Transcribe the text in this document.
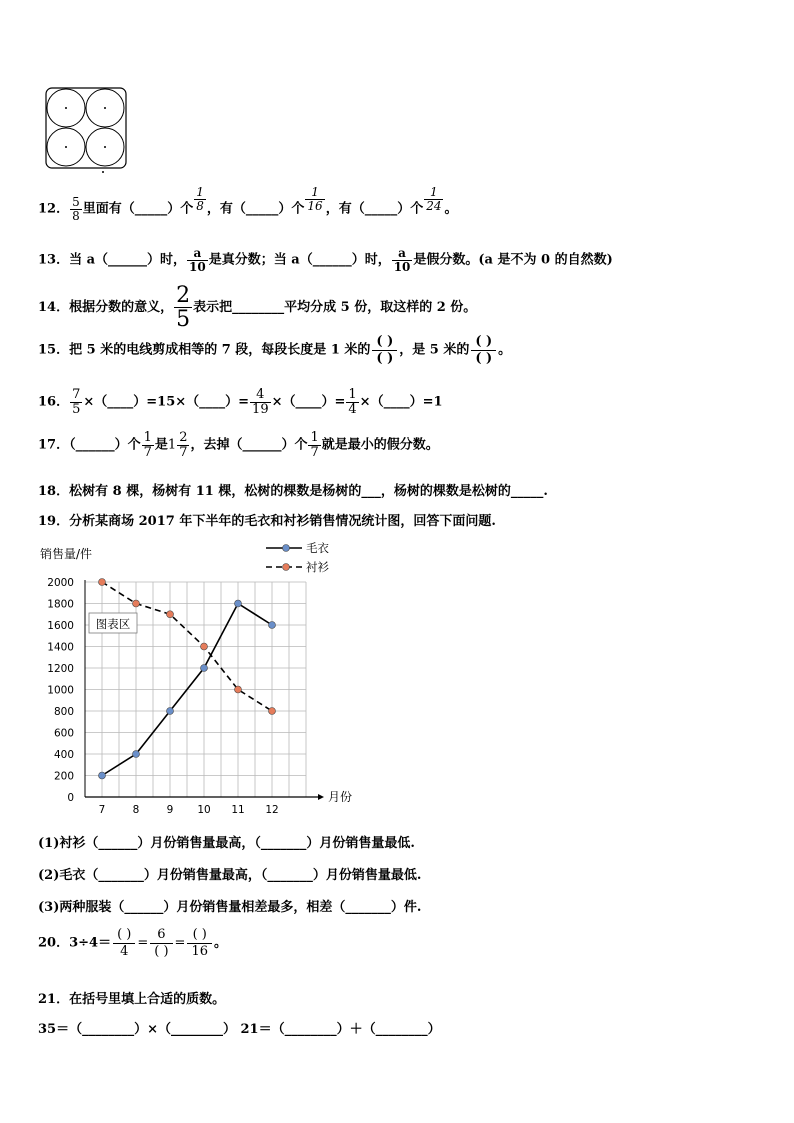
12． $\frac{5}{8}$ 里面有（_____）个 $\frac{1}{8}$ ，有（_____）个 $\frac{1}{16}$ ，有（_____）个 $\frac{1}{24}$ 。
13．当 a（______）时， $\frac{a}{10}$ 是真分数；当 a（______）时， $\frac{a}{10}$ 是假分数。(a 是不为 0 的自然数)
14．根据分数的意义， $\frac{2}{5}$ 表示把________平均分成 5 份，取这样的 2 份。
15．把 5 米的电线剪成相等的 7 段，每段长度是 1 米的 $\frac{( )}{( )}$ ，是 5 米的 $\frac{( )}{( )}$ 。
16． $\frac{7}{5}$ ×（____）=15×（____）= $\frac{4}{19}$ ×（____）= $\frac{1}{4}$ ×（____）=1
17．（______）个 $\frac{1}{7}$ 是$1 \frac{2}{7}$ ，去掉（______）个 $\frac{1}{7}$ 就是最小的假分数。
18．松树有 8 棵，杨树有 11 棵，松树的棵数是杨树的___，杨树的棵数是松树的_____.
19．分析某商场 2017 年下半年的毛衣和衬衫销售情况统计图，回答下面问题.
0
200
400
600
800
1000
1200
1400
1600
1800
2000
7	8	9 10 11 12
销售量/件
月份
图表区
毛衣
衬衫
(1)衬衫（______）月份销售量最高，（_______）月份销售量最低.
(2)毛衣（_______）月份销售量最高，（_______）月份销售量最低.
(3)两种服装（______）月份销售量相差最多，相差（_______）件.
20．$3\div 4= \frac{( )}{4} = \frac{6}{( )} = \frac{( )}{16}$ 。
21．在括号里填上合适的质数。
35＝（________）×（________） 21＝（________）＋（________）
